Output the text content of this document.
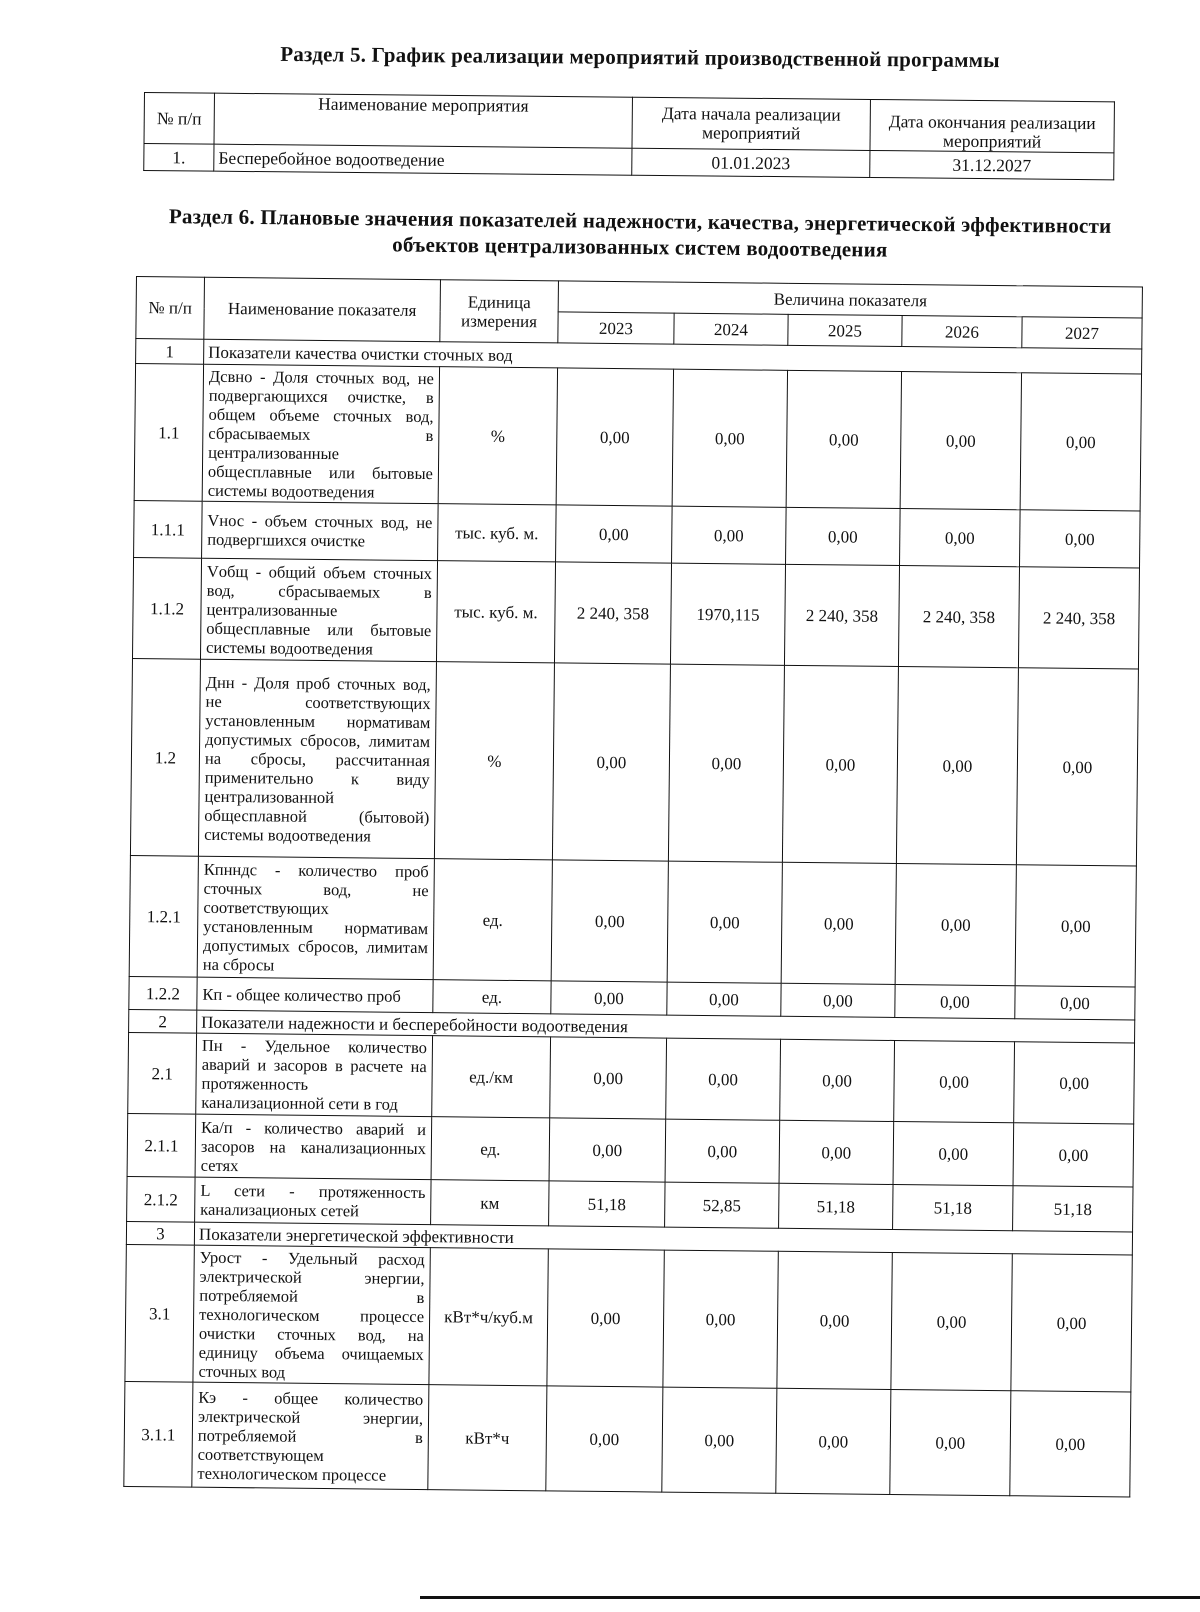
Раздел 5. График реализации мероприятий производственной программы
№ п/п	Наименование мероприятия	Дата начала реализации мероприятий	Дата окончания реализации мероприятий
1.	Бесперебойное водоотведение	01.01.2023	31.12.2027
Раздел 6. Плановые значения показателей надежности, качества, энергетической эффективности объектов централизованных систем водоотведения
№ п/п	Наименование показателя	Единица измерения	Величина показателя				
			2023	2024	2025	2026	2027
1	Показатели качества очистки сточных вод						
1.1	Дсвно - Доля сточных вод, не подвергающихся очистке, в общем объеме сточных вод, сбрасываемых в централизованные общесплавные или бытовые системы водоотведения	%	0,00	0,00	0,00	0,00	0,00
1.1.1	Vнос - объем сточных вод, не подвергшихся очистке	тыс. куб. м.	0,00	0,00	0,00	0,00	0,00
1.1.2	Vобщ - общий объем сточных вод, сбрасываемых в централизованные общесплавные или бытовые системы водоотведения	тыс. куб. м.	2 240, 358	1970,115	2 240, 358	2 240, 358	2 240, 358
1.2	Днн - Доля проб сточных вод, не соответствующих установленным нормативам допустимых сбросов, лимитам на сбросы, рассчитанная применительно к виду централизованной общесплавной (бытовой) системы водоотведения	%	0,00	0,00	0,00	0,00	0,00
1.2.1	Кпнндс - количество проб сточных вод, не соответствующих установленным нормативам допустимых сбросов, лимитам на сбросы	ед.	0,00	0,00	0,00	0,00	0,00
1.2.2	Кп - общее количество проб	ед.	0,00	0,00	0,00	0,00	0,00
2	Показатели надежности и бесперебойности водоотведения						
2.1	Пн - Удельное количество аварий и засоров в расчете на протяженность канализационной сети в год	ед./км	0,00	0,00	0,00	0,00	0,00
2.1.1	Ка/п - количество аварий и засоров на канализационных сетях	ед.	0,00	0,00	0,00	0,00	0,00
2.1.2	L сети - протяженность канализационых сетей	км	51,18	52,85	51,18	51,18	51,18
3	Показатели энергетической эффективности						
3.1	Урост - Удельный расход электрической энергии, потребляемой в технологическом процессе очистки сточных вод, на единицу объема очищаемых сточных вод	кВт*ч/куб.м	0,00	0,00	0,00	0,00	0,00
3.1.1	Кэ - общее количество электрической энергии, потребляемой в соответствующем технологическом процессе	кВт*ч	0,00	0,00	0,00	0,00	0,00
